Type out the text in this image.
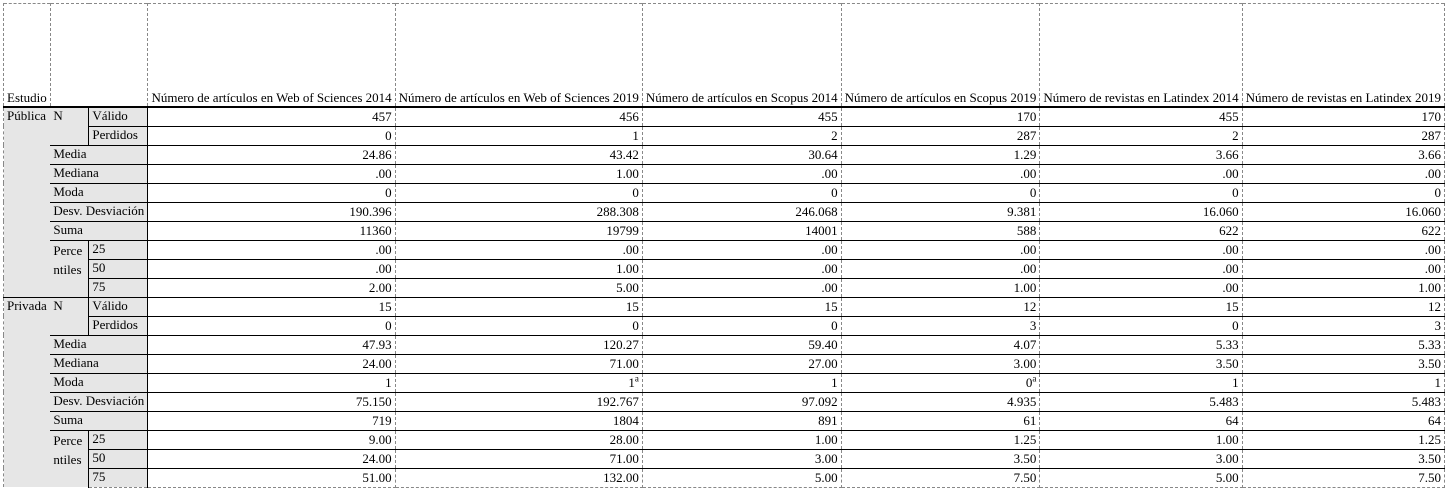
Estudio			Número de artículos en Web of Sciences 2014	Número de artículos en Web of Sciences 2019	Número de artículos en Scopus 2014	Número de artículos en Scopus 2019	Número de revistas en Latindex 2014	Número de revistas en Latindex 2019
Pública	N	Válido	457	456	455	170	455	170
		Perdidos	0	1	2	287	2	287
	Media		24.86	43.42	30.64	1.29	3.66	3.66
	Mediana		.00	1.00	.00	.00	.00	.00
	Moda		0	0	0	0	0	0
	Desv. Desviación		190.396	288.308	246.068	9.381	16.060	16.060
	Suma		11360	19799	14001	588	622	622
	Percentiles	25	.00	.00	.00	.00	.00	.00
		50	.00	1.00	.00	.00	.00	.00
		75	2.00	5.00	.00	1.00	.00	1.00
Privada	N	Válido	15	15	15	12	15	12
		Perdidos	0	0	0	3	0	3
	Media		47.93	120.27	59.40	4.07	5.33	5.33
	Mediana		24.00	71.00	27.00	3.00	3.50	3.50
	Moda		1	1$^a$	1	0$^a$	1	1
	Desv. Desviación		75.150	192.767	97.092	4.935	5.483	5.483
	Suma		719	1804	891	61	64	64
	Percentiles	25	9.00	28.00	1.00	1.25	1.00	1.25
		50	24.00	71.00	3.00	3.50	3.00	3.50
		75	51.00	132.00	5.00	7.50	5.00	7.50
